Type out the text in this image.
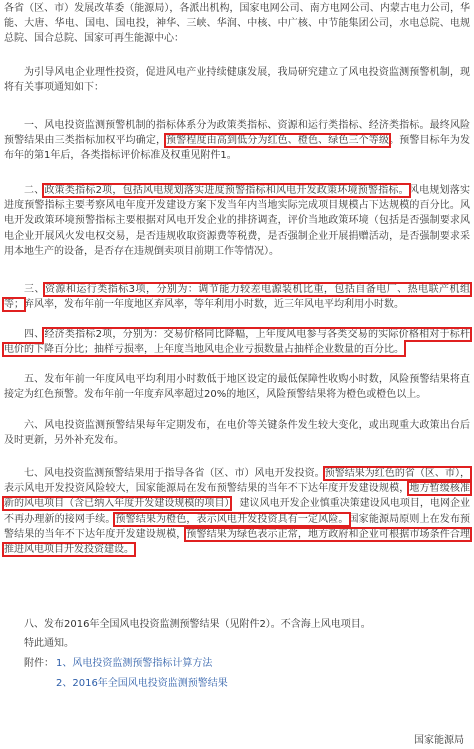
各省（区、市）发展改革委（能源局），各派出机构，国家电网公司、南方电网公司、内蒙古电力公司，华能、大唐、华电、国电、国电投，神华、三峡、华润、中核、中广核、中节能集团公司，水电总院、电规总院、国合总院、国家可再生能源中心：

为引导风电企业理性投资，促进风电产业持续健康发展，我局研究建立了风电投资监测预警机制，现将有关事项通知如下：

一、风电投资监测预警机制的指标体系分为政策类指标、资源和运行类指标、经济类指标。最终风险预警结果由三类指标加权平均确定，预警程度由高到低分为红色、橙色、绿色三个等级。预警目标年为发布年的第1年后，各类指标评价标准及权重见附件1。

二、政策类指标2项，包括风电规划落实进度预警指标和风电开发政策环境预警指标。风电规划落实进度预警指标主要考察风电年度开发建设方案下发当年内当地实际完成项目规模占下达规模的百分比。风电开发政策环境预警指标主要根据对风电开发企业的排挤调查，评价当地政策环境（包括是否强制要求风电企业开展风火发电权交易，是否违规收取资源费等税费，是否强制企业开展捐赠活动，是否强制要求采用本地生产的设备，是否存在违规倒卖项目前期工作等情况）。

三、资源和运行类指标3项，分别为：调节能力较差电源装机比重，包括自备电厂、热电联产机组等；弃风率，发布年前一年度地区弃风率，等年利用小时数，近三年风电平均利用小时数。

四、经济类指标2项，分别为：交易价格同比降幅，上年度风电参与各类交易的实际价格相对于标杆电价的下降百分比；抽样亏损率，上年度当地风电企业亏损数量占抽样企业数量的百分比。

五、发布年前一年度风电平均利用小时数低于地区设定的最低保障性收购小时数，风险预警结果将直接定为红色预警。发布年前一年度弃风率超过20%的地区，风险预警结果将为橙色或橙色以上。

六、风电投资监测预警结果每年定期发布，在电价等关键条件发生较大变化，或出现重大政策出台后及时更新，另外补充发布。

七、风电投资监测预警结果用于指导各省（区、市）风电开发投资。预警结果为红色的省（区、市），表示风电开发投资风险较大，国家能源局在发布预警结果的当年不下达年度开发建设规模，地方暂缓核准新的风电项目（含已纳入年度开发建设规模的项目），建议风电开发企业慎重决策建设风电项目，电网企业不再办理新的接网手续。预警结果为橙色，表示风电开发投资具有一定风险。国家能源局原则上在发布预警结果的当年不下达年度开发建设规模，预警结果为绿色表示正常，地方政府和企业可根据市场条件合理推进风电项目开发投资建设。

八、发布2016年全国风电投资监测预警结果（见附件2）。不含海上风电项目。

特此通知。
附件： 1、风电投资监测预警指标计算方法
2、2016年全国风电投资监测预警结果
国家能源局
